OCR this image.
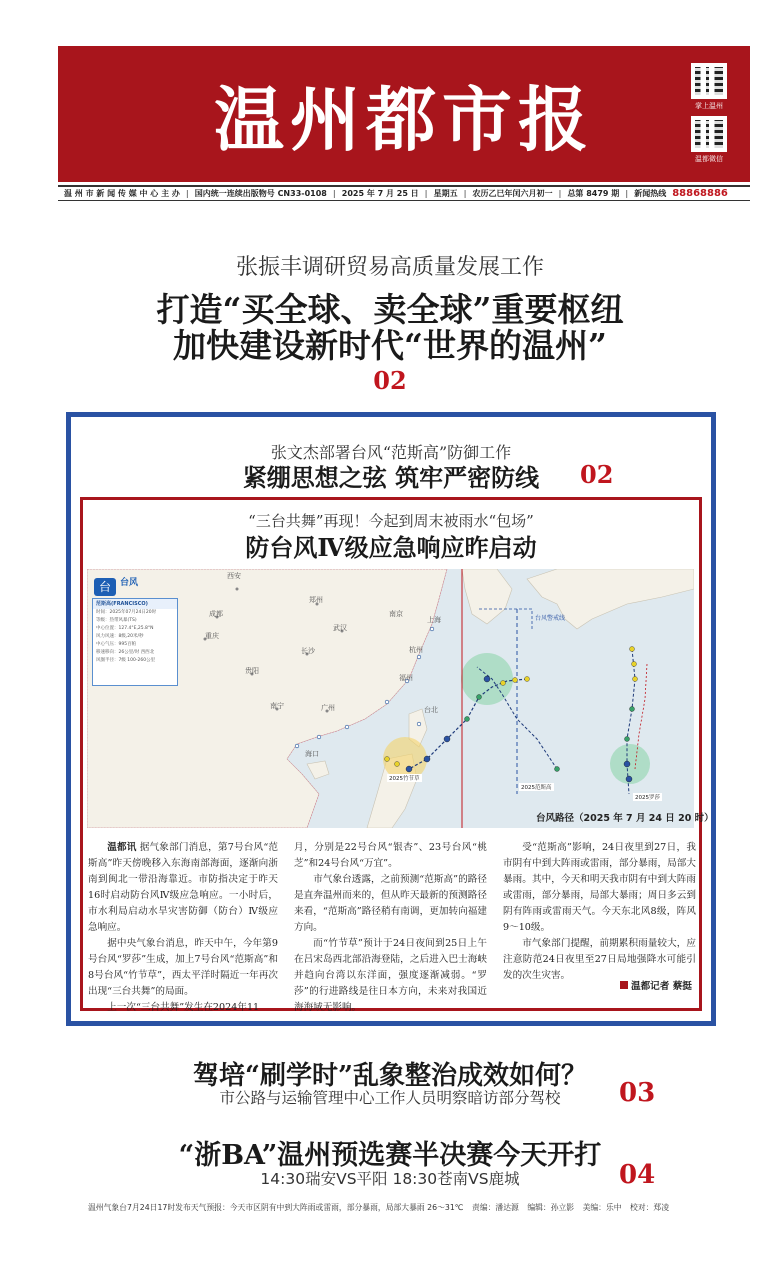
温州都市报	掌上温州
温都微信
温 州 市 新 闻 传 媒 中 心 主 办 | 国内统一连续出版物号 CN33-0108 | 2025 年 7 月 25 日 | 星期五 | 农历乙巳年闰六月初一 | 总第 8479 期 | 新闻热线 88868886
张振丰调研贸易高质量发展工作
打造“买全球、卖全球”重要枢纽
加快建设新时代“世界的温州”
02
张文杰部署台风“范斯高”防御工作
紧绷思想之弦 筑牢严密防线	02
“三台共舞”再现！今起到周末被雨水“包场”
防台风Ⅳ级应急响应昨启动
西安
郑州
武汉
长沙
贵阳
南宁	广州
海口
福州
台北
上海
南京
杭州
重庆
成都
台风警戒线
2025竹节草
2025范斯高
2025罗莎
台	台风
范斯高(FRANCISCO)
时间：2025年07月24日20时
等级：热带风暴(TS)
中心位置：127.4°E,25.8°N
风力风速：8级,20米/秒
中心气压：995百帕
移速移向：26公里/时 西西北
风圈半径：7级 100-260公里
台风路径（2025 年 7 月 24 日 20 时）

温都讯 据气象部门消息，第7号台风“范斯高”昨天傍晚移入东海南部海面，逐渐向浙南到闽北一带沿海靠近。市防指决定于昨天16时启动防台风Ⅳ级应急响应。一小时后，市水利局启动水旱灾害防御（防台）Ⅳ级应急响应。

据中央气象台消息，昨天中午，今年第9号台风“罗莎”生成，加上7号台风“范斯高”和8号台风“竹节草”，西太平洋时隔近一年再次出现“三台共舞”的局面。

上一次“三台共舞”发生在2024年11

月，分别是22号台风“银杏”、23号台风“桃芝”和24号台风“万宜”。

市气象台透露，之前预测“范斯高”的路径是直奔温州而来的，但从昨天最新的预测路径来看，“范斯高”路径稍有南调，更加转向福建方向。

而“竹节草”预计于24日夜间到25日上午在吕宋岛西北部沿海登陆，之后进入巴士海峡并趋向台湾以东洋面，强度逐渐减弱。“罗莎”的行进路线是往日本方向，未来对我国近海海域无影响。

受“范斯高”影响，24日夜里到27日，我市阴有中到大阵雨或雷雨，部分暴雨，局部大暴雨。其中，今天和明天我市阴有中到大阵雨或雷雨，部分暴雨，局部大暴雨；周日多云到阴有阵雨或雷雨天气。今天东北风8级，阵风9～10级。

市气象部门提醒，前期累积雨量较大，应注意防范24日夜里至27日局地强降水可能引发的次生灾害。

温都记者 蔡挺
驾培“刷学时”乱象整治成效如何？
市公路与运输管理中心工作人员明察暗访部分驾校	03
“浙BA”温州预选赛半决赛今天开打
14:30瑞安VS平阳 18:30苍南VS鹿城	04
温州气象台7月24日17时发布天气预报：今天市区阴有中到大阵雨或雷雨，部分暴雨，局部大暴雨 26～31℃ 责编：潘达源 编辑：孙立影 美编：乐中 校对：郑凌
